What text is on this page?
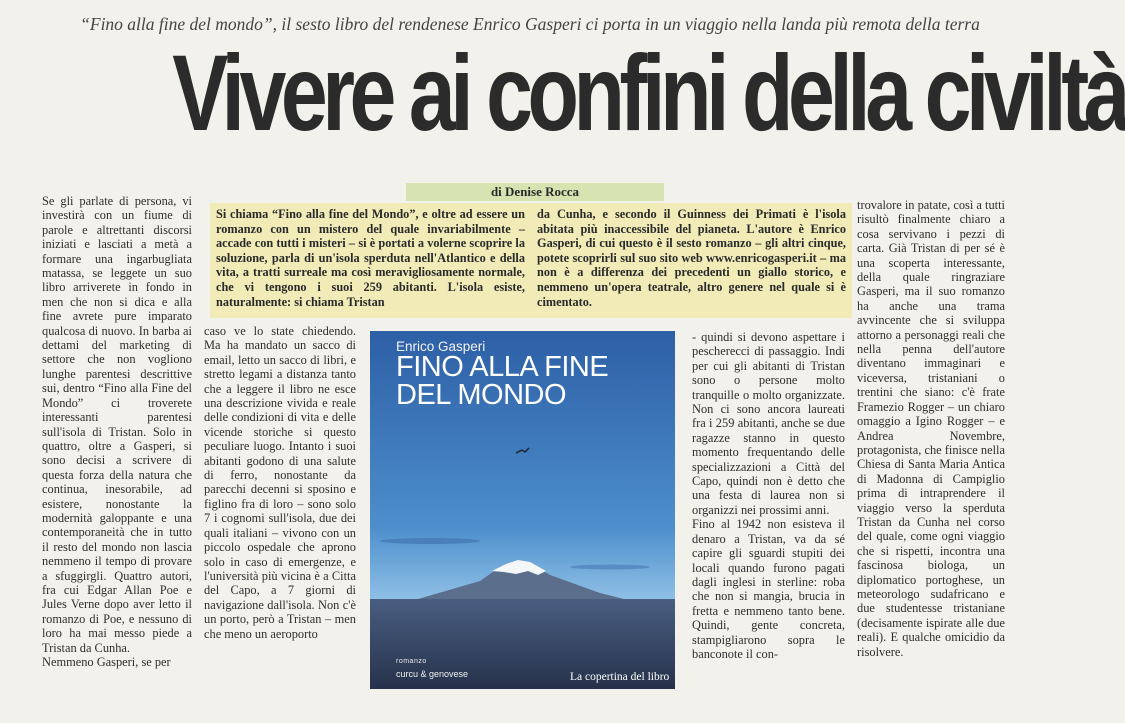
“Fino alla fine del mondo”, il sesto libro del rendenese Enrico Gasperi ci porta in un viaggio nella landa più remota della terra
Vivere ai confini della civiltà
di Denise Rocca
Si chiama “Fino alla fine del Mondo”, e oltre ad essere un romanzo con un mistero del quale invariabilmente – accade con tutti i misteri – si è portati a volerne scoprire la soluzione, parla di un'isola sperduta nell'Atlantico e della vita, a tratti surreale ma così meravigliosamente normale, che vi tengono i suoi 259 abitanti. L'isola esiste, naturalmente: si chiama Tristan
da Cunha, e secondo il Guinness dei Primati è l'isola abitata più inaccessibile del pianeta. L'autore è Enrico Gasperi, di cui questo è il sesto romanzo – gli altri cinque, potete scoprirli sul suo sito web www.enricogasperi.it – ma non è a differenza dei precedenti un giallo storico, e nemmeno un'opera teatrale, altro genere nel quale si è cimentato.

Se gli parlate di persona, vi investirà con un fiume di parole e altrettanti discorsi iniziati e lasciati a metà a formare una ingarbugliata matassa, se leggete un suo libro arriverete in fondo in men che non si dica e alla fine avrete pure imparato qualcosa di nuovo. In barba ai dettami del marketing di settore che non vogliono lunghe parentesi descrittive sui, dentro “Fino alla Fine del Mondo” ci troverete interessanti parentesi sull'isola di Tristan. Solo in quattro, oltre a Gasperi, si sono decisi a scrivere di questa forza della natura che continua, inesorabile, ad esistere, nonostante la modernità galoppante e una contemporaneità che in tutto il resto del mondo non lascia nemmeno il tempo di provare a sfuggirgli. Quattro autori, fra cui Edgar Allan Poe e Jules Verne dopo aver letto il romanzo di Poe, e nessuno di loro ha mai messo piede a Tristan da Cunha.

Nemmeno Gasperi, se per

caso ve lo state chiedendo. Ma ha mandato un sacco di email, letto un sacco di libri, e stretto legami a distanza tanto che a leggere il libro ne esce una descrizione vivida e reale delle condizioni di vita e delle vicende storiche si questo peculiare luogo. Intanto i suoi abitanti godono di una salute di ferro, nonostante da parecchi decenni si sposino e figlino fra di loro – sono solo 7 i cognomi sull'isola, due dei quali italiani – vivono con un piccolo ospedale che aprono solo in caso di emergenze, e l'università più vicina è a Citta del Capo, a 7 giorni di navigazione dall'isola. Non c'è un porto, però a Tristan – men che meno un aeroporto

Enrico Gasperi
FINO ALLA FINE DEL MONDO
romanzo
curcu & genovese	La copertina del libro

- quindi si devono aspettare i pescherecci di passaggio. Indi per cui gli abitanti di Tristan sono o persone molto tranquille o molto organizzate. Non ci sono ancora laureati fra i 259 abitanti, anche se due ragazze stanno in questo momento frequentando delle specializzazioni a Città del Capo, quindi non è detto che una festa di laurea non si organizzi nei prossimi anni.

Fino al 1942 non esisteva il denaro a Tristan, va da sé capire gli sguardi stupiti dei locali quando furono pagati dagli inglesi in sterline: roba che non si mangia, brucia in fretta e nemmeno tanto bene. Quindi, gente concreta, stampigliarono sopra le banconote il con-

trovalore in patate, così a tutti risultò finalmente chiaro a cosa servivano i pezzi di carta. Già Tristan di per sé è una scoperta interessante, della quale ringraziare Gasperi, ma il suo romanzo ha anche una trama avvincente che si sviluppa attorno a personaggi reali che nella penna dell'autore diventano immaginari e viceversa, tristaniani o trentini che siano: c'è frate Framezio Rogger – un chiaro omaggio a Igino Rogger – e Andrea Novembre, protagonista, che finisce nella Chiesa di Santa Maria Antica di Madonna di Campiglio prima di intraprendere il viaggio verso la sperduta Tristan da Cunha nel corso del quale, come ogni viaggio che si rispetti, incontra una fascinosa biologa, un diplomatico portoghese, un meteorologo sudafricano e due studentesse tristaniane (decisamente ispirate alle due reali). E qualche omicidio da risolvere.
